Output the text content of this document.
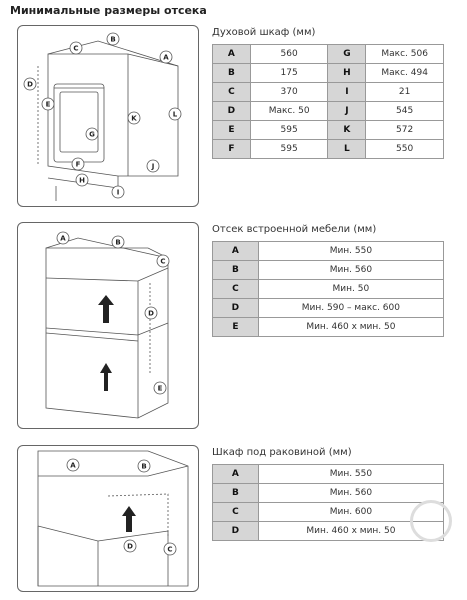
Минимальные размеры отсека
A
B
C
D
E
F
G
H
I
J
K	L
Духовой шкаф (мм)
A	560	G	Макс. 506
B	175	H	Макс. 494
C	370	I	21
D	Макс. 50	J	545
E	595	K	572
F	595	L	550
A	B
C
D
E
Отсек встроенной мебели (мм)
A	Мин. 550
B	Мин. 560
C	Мин. 50
D	Мин. 590 – макс. 600
E	Мин. 460 x мин. 50
A	B
C
D
Шкаф под раковиной (мм)
A	Мин. 550
B	Мин. 560
C	Мин. 600
D	Мин. 460 x мин. 50
